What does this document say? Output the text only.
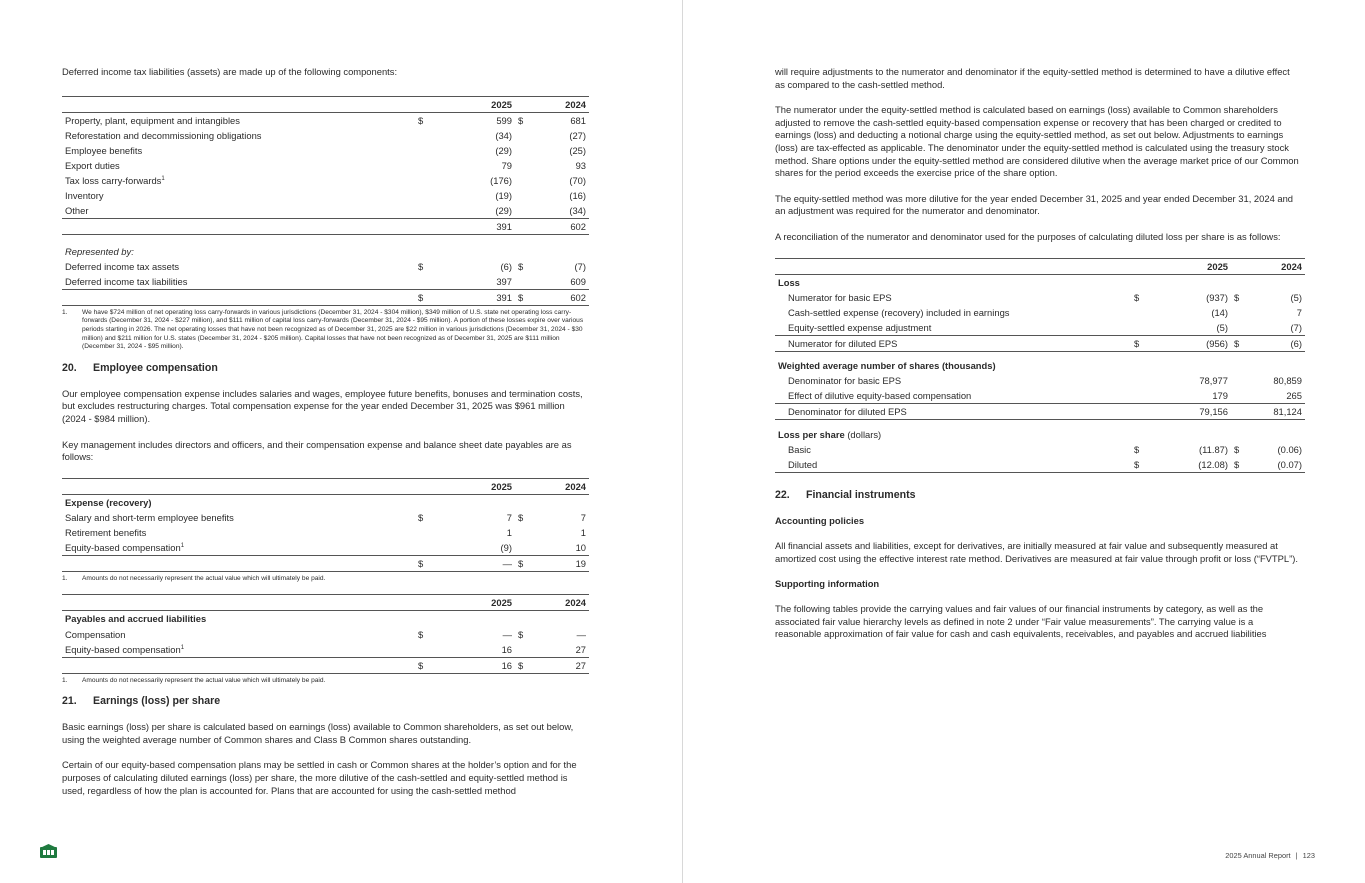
Deferred income tax liabilities (assets) are made up of the following components:

		2025		2024
Property, plant, equipment and intangibles	$	599	$	681
Reforestation and decommissioning obligations		(34)		(27)
Employee benefits		(29)		(25)
Export duties		79		93
Tax loss carry-forwards$^1$		(176)		(70)
Inventory		(19)		(16)
Other		(29)		(34)
		391		602

Represented by:				
Deferred income tax assets	$	(6)	$	(7)
Deferred income tax liabilities		397		609
	$	391	$	602
1.	We have $724 million of net operating loss carry-forwards in various jurisdictions (December 31, 2024 - $304 million), $349 million of U.S. state net operating loss carry-forwards (December 31, 2024 - $227 million), and $111 million of capital loss carry-forwards (December 31, 2024 - $95 million). A portion of these losses expire over various periods starting in 2026. The net operating losses that have not been recognized as of December 31, 2025 are $22 million in various jurisdictions (December 31, 2024 - $30 million) and $211 million for U.S. states (December 31, 2024 - $205 million). Capital losses that have not been recognized as of December 31, 2025 are $111 million (December 31, 2024 - $95 million).
20. Employee compensation

Our employee compensation expense includes salaries and wages, employee future benefits, bonuses and termination costs, but excludes restructuring charges. Total compensation expense for the year ended December 31, 2025 was $961 million (2024 - $984 million).

Key management includes directors and officers, and their compensation expense and balance sheet date payables are as follows:

		2025		2024
Expense (recovery)				
Salary and short-term employee benefits	$	7	$	7
Retirement benefits		1		1
Equity-based compensation$^1$		(9)		10
	$	—	$	19
1.	Amounts do not necessarily represent the actual value which will ultimately be paid.
		2025		2024
Payables and accrued liabilities				
Compensation	$	—	$	—
Equity-based compensation$^1$		16		27
	$	16	$	27
1.	Amounts do not necessarily represent the actual value which will ultimately be paid.
21. Earnings (loss) per share

Basic earnings (loss) per share is calculated based on earnings (loss) available to Common shareholders, as set out below, using the weighted average number of Common shares and Class B Common shares outstanding.

Certain of our equity-based compensation plans may be settled in cash or Common shares at the holder’s option and for the purposes of calculating diluted earnings (loss) per share, the more dilutive of the cash-settled and equity-settled method is used, regardless of how the plan is accounted for. Plans that are accounted for using the cash-settled method

will require adjustments to the numerator and denominator if the equity-settled method is determined to have a dilutive effect as compared to the cash-settled method.

The numerator under the equity-settled method is calculated based on earnings (loss) available to Common shareholders adjusted to remove the cash-settled equity-based compensation expense or recovery that has been charged or credited to earnings (loss) and deducting a notional charge using the equity-settled method, as set out below. Adjustments to earnings (loss) are tax-effected as applicable. The denominator under the equity-settled method is calculated using the treasury stock method. Share options under the equity-settled method are considered dilutive when the average market price of our Common shares for the period exceeds the exercise price of the share option.

The equity-settled method was more dilutive for the year ended December 31, 2025 and year ended December 31, 2024 and an adjustment was required for the numerator and denominator.

A reconciliation of the numerator and denominator used for the purposes of calculating diluted loss per share is as follows:

		2025		2024
Loss				
Numerator for basic EPS	$	(937)	$	(5)
Cash-settled expense (recovery) included in earnings		(14)		7
Equity-settled expense adjustment		(5)		(7)
Numerator for diluted EPS	$	(956)	$	(6)

Weighted average number of shares (thousands)				
Denominator for basic EPS		78,977		80,859
Effect of dilutive equity-based compensation		179		265
Denominator for diluted EPS		79,156		81,124

Loss per share (dollars)				
Basic	$	(11.87)	$	(0.06)
Diluted	$	(12.08)	$	(0.07)
22. Financial instruments
Accounting policies

All financial assets and liabilities, except for derivatives, are initially measured at fair value and subsequently measured at amortized cost using the effective interest rate method. Derivatives are measured at fair value through profit or loss (“FVTPL”).

Supporting information

The following tables provide the carrying values and fair values of our financial instruments by category, as well as the associated fair value hierarchy levels as defined in note 2 under “Fair value measurements”. The carrying value is a reasonable approximation of fair value for cash and cash equivalents, receivables, and payables and accrued liabilities

2025 Annual Report | 123
